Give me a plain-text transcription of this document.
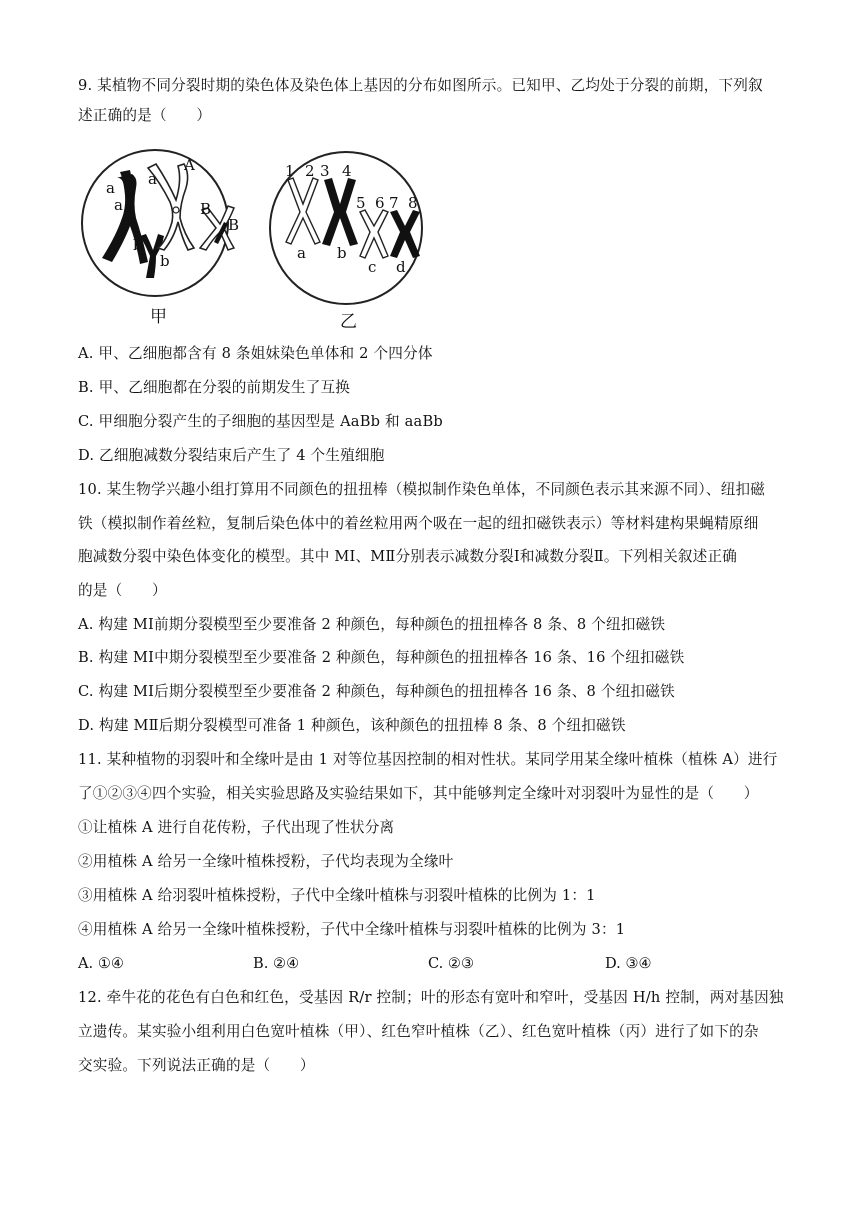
9. 某植物不同分裂时期的染色体及染色体上基因的分布如图所示。已知甲、乙均处于分裂的前期，下列叙
述正确的是（　　）
a
a
A
a
B
B
b
b
甲
1 2 3 4
5 6 7 8
a b
c d
乙
A. 甲、乙细胞都含有 8 条姐妹染色单体和 2 个四分体
B. 甲、乙细胞都在分裂的前期发生了互换
C. 甲细胞分裂产生的子细胞的基因型是 AaBb 和 aaBb
D. 乙细胞减数分裂结束后产生了 4 个生殖细胞
10. 某生物学兴趣小组打算用不同颜色的扭扭棒（模拟制作染色单体，不同颜色表示其来源不同）、纽扣磁
铁（模拟制作着丝粒，复制后染色体中的着丝粒用两个吸在一起的纽扣磁铁表示）等材料建构果蝇精原细
胞减数分裂中染色体变化的模型。其中 MⅠ、MⅡ分别表示减数分裂Ⅰ和减数分裂Ⅱ。下列相关叙述正确
的是（　　）
A. 构建 MⅠ前期分裂模型至少要准备 2 种颜色，每种颜色的扭扭棒各 8 条、8 个纽扣磁铁
B. 构建 MⅠ中期分裂模型至少要准备 2 种颜色，每种颜色的扭扭棒各 16 条、16 个纽扣磁铁
C. 构建 MⅠ后期分裂模型至少要准备 2 种颜色，每种颜色的扭扭棒各 16 条、8 个纽扣磁铁
D. 构建 MⅡ后期分裂模型可准备 1 种颜色，该种颜色的扭扭棒 8 条、8 个纽扣磁铁
11. 某种植物的羽裂叶和全缘叶是由 1 对等位基因控制的相对性状。某同学用某全缘叶植株（植株 A）进行
了①②③④四个实验，相关实验思路及实验结果如下，其中能够判定全缘叶对羽裂叶为显性的是（　　）
①让植株 A 进行自花传粉，子代出现了性状分离
②用植株 A 给另一全缘叶植株授粉，子代均表现为全缘叶
③用植株 A 给羽裂叶植株授粉，子代中全缘叶植株与羽裂叶植株的比例为 1：1
④用植株 A 给另一全缘叶植株授粉，子代中全缘叶植株与羽裂叶植株的比例为 3：1
A. ①④	B. ②④	C. ②③	D. ③④
12. 牵牛花的花色有白色和红色，受基因 R/r 控制；叶的形态有宽叶和窄叶，受基因 H/h 控制，两对基因独
立遗传。某实验小组利用白色宽叶植株（甲）、红色窄叶植株（乙）、红色宽叶植株（丙）进行了如下的杂
交实验。下列说法正确的是（　　）
